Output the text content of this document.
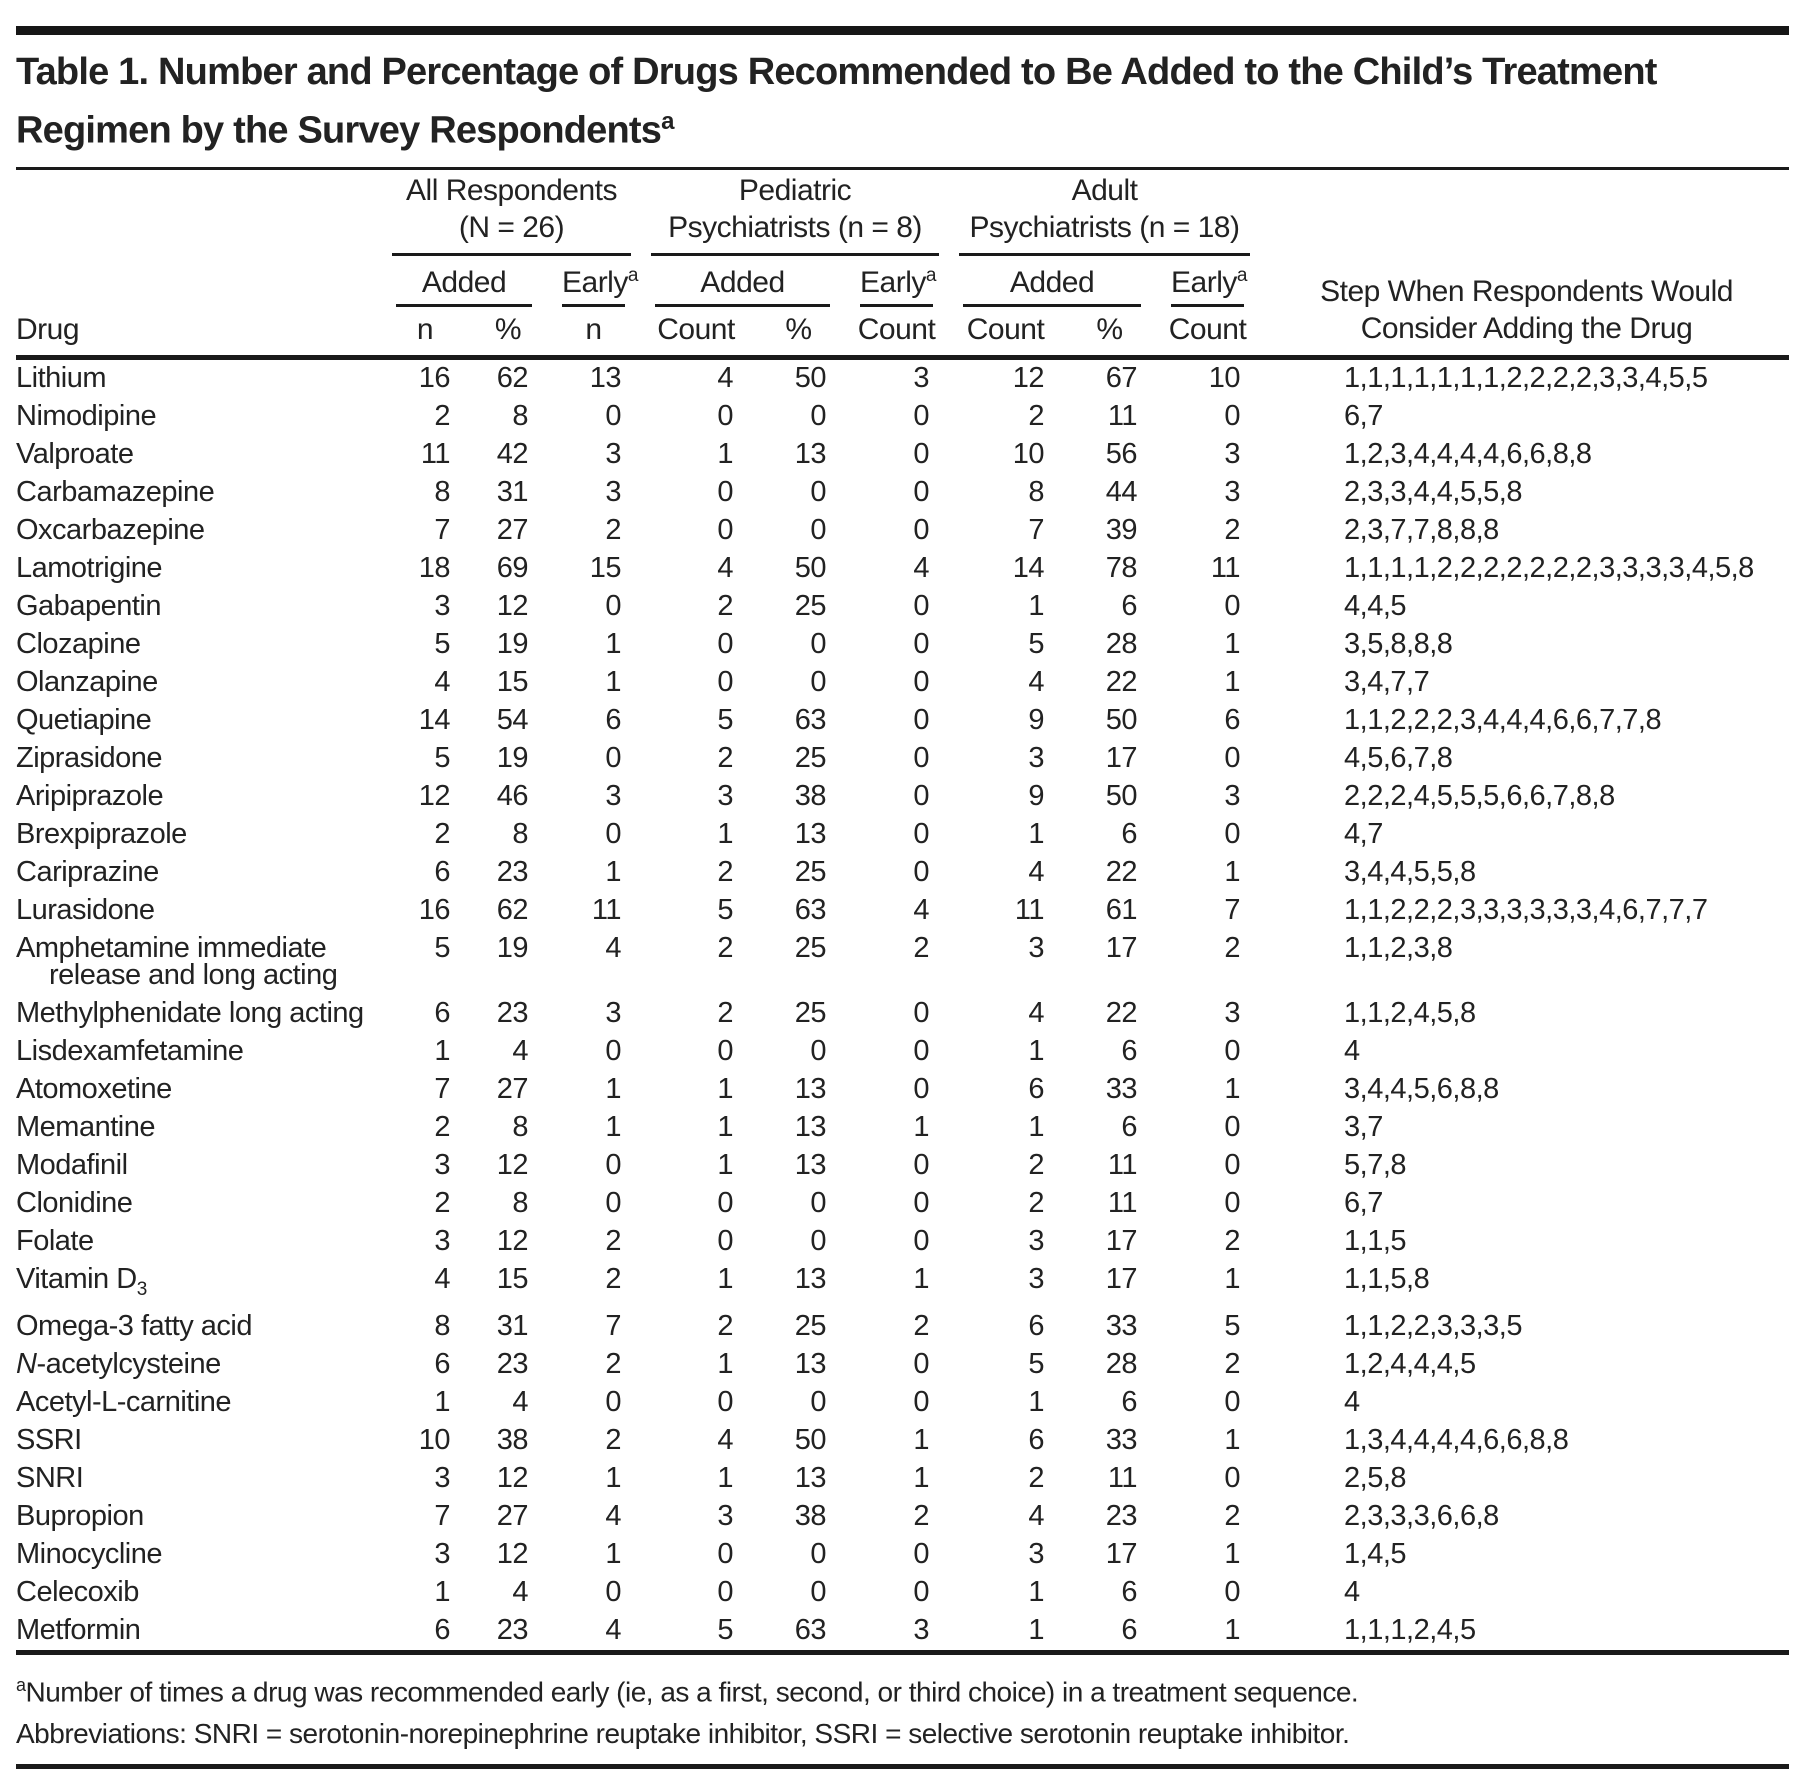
Table 1. Number and Percentage of Drugs Recommended to Be Added to the Child’s Treatment Regimen by the Survey Respondents$^a$
Drug	
All Respondents
(N = 26)

Pediatric
Psychiatrists (n = 8)

Adult
Psychiatrists (n = 18)

Step When Respondents Would Consider Adding the Drug

	Added		Early$^a$	Added		Early$^a$	Added		Early$^a$

	n	%	n	Count	%	Count	Count	%	Count	
Lithium	16	62	13	4	50	3	12	67	10	1,1,1,1,1,1,1,2,2,2,2,3,3,4,5,5
Nimodipine	2	8	0	0	0	0	2	11	0	6,7
Valproate	11	42	3	1	13	0	10	56	3	1,2,3,4,4,4,4,6,6,8,8
Carbamazepine	8	31	3	0	0	0	8	44	3	2,3,3,4,4,5,5,8
Oxcarbazepine	7	27	2	0	0	0	7	39	2	2,3,7,7,8,8,8
Lamotrigine	18	69	15	4	50	4	14	78	11	1,1,1,1,2,2,2,2,2,2,2,3,3,3,3,4,5,8
Gabapentin	3	12	0	2	25	0	1	6	0	4,4,5
Clozapine	5	19	1	0	0	0	5	28	1	3,5,8,8,8
Olanzapine	4	15	1	0	0	0	4	22	1	3,4,7,7
Quetiapine	14	54	6	5	63	0	9	50	6	1,1,2,2,2,3,4,4,4,6,6,7,7,8
Ziprasidone	5	19	0	2	25	0	3	17	0	4,5,6,7,8
Aripiprazole	12	46	3	3	38	0	9	50	3	2,2,2,4,5,5,5,6,6,7,8,8
Brexpiprazole	2	8	0	1	13	0	1	6	0	4,7
Cariprazine	6	23	1	2	25	0	4	22	1	3,4,4,5,5,8
Lurasidone	16	62	11	5	63	4	11	61	7	1,1,2,2,2,3,3,3,3,3,3,4,6,7,7,7
Amphetamine immediate
release and long acting	5	19	4	2	25	2	3	17	2	1,1,2,3,8
Methylphenidate long acting	6	23	3	2	25	0	4	22	3	1,1,2,4,5,8
Lisdexamfetamine	1	4	0	0	0	0	1	6	0	4
Atomoxetine	7	27	1	1	13	0	6	33	1	3,4,4,5,6,8,8
Memantine	2	8	1	1	13	1	1	6	0	3,7
Modafinil	3	12	0	1	13	0	2	11	0	5,7,8
Clonidine	2	8	0	0	0	0	2	11	0	6,7
Folate	3	12	2	0	0	0	3	17	2	1,1,5
Vitamin $D_3$	4	15	2	1	13	1	3	17	1	1,1,5,8
Omega-3 fatty acid	8	31	7	2	25	2	6	33	5	1,1,2,2,3,3,3,5
N-acetylcysteine	6	23	2	1	13	0	5	28	2	1,2,4,4,4,5
Acetyl-L-carnitine	1	4	0	0	0	0	1	6	0	4
SSRI	10	38	2	4	50	1	6	33	1	1,3,4,4,4,4,6,6,8,8
SNRI	3	12	1	1	13	1	2	11	0	2,5,8
Bupropion	7	27	4	3	38	2	4	23	2	2,3,3,3,6,6,8
Minocycline	3	12	1	0	0	0	3	17	1	1,4,5
Celecoxib	1	4	0	0	0	0	1	6	0	4
Metformin	6	23	4	5	63	3	1	6	1	1,1,1,2,4,5
$^a$Number of times a drug was recommended early (ie, as a first, second, or third choice) in a treatment sequence.
Abbreviations: SNRI = serotonin-norepinephrine reuptake inhibitor, SSRI = selective serotonin reuptake inhibitor.
